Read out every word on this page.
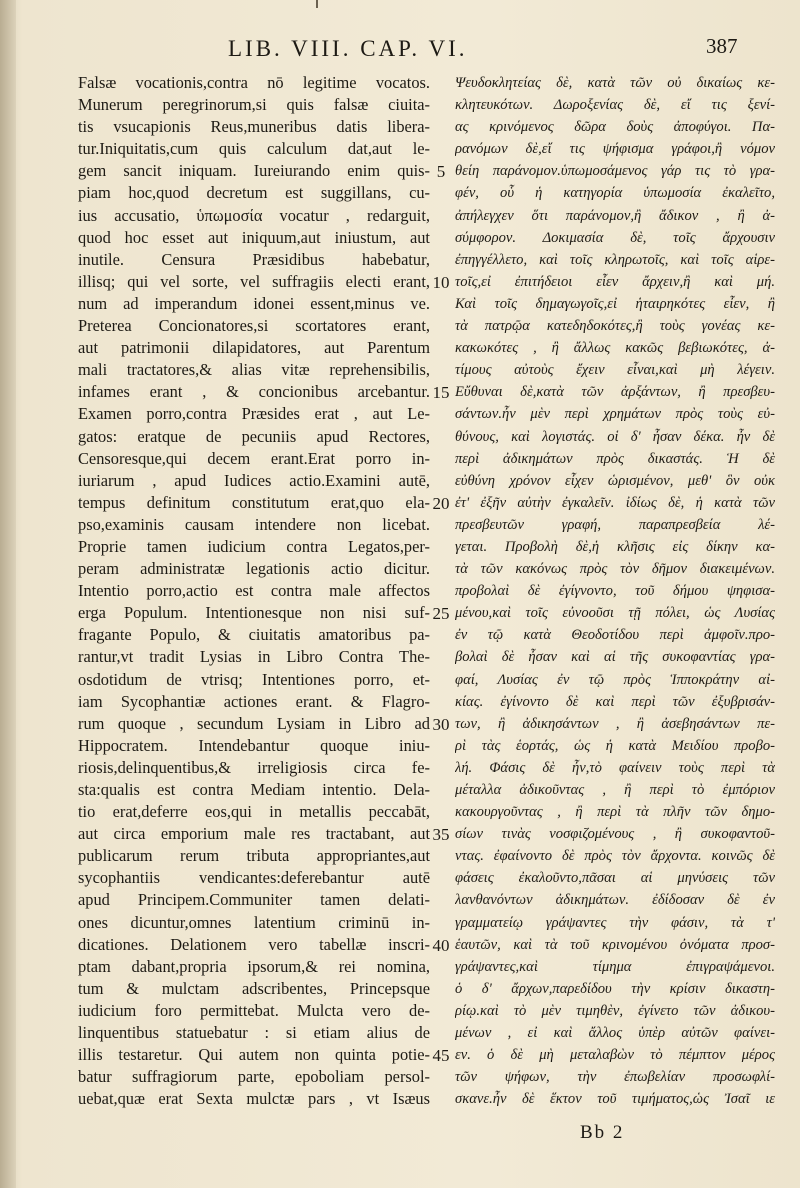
LIB. VIII. CAP. VI.	387
Falsæ vocationis,contra nō legitime vocatos.
Munerum peregrinorum,si quis falsæ ciuita-
tis vsucapionis Reus,muneribus datis libera-
tur.Iniquitatis,cum quis calculum dat,aut le-
gem sancit iniquam. Iureiurando enim quis-
piam hoc,quod decretum est suggillans, cu-
ius accusatio, ὑπωμοσία vocatur , redarguit,
quod hoc esset aut iniquum,aut iniustum, aut
inutile. Censura Præsidibus habebatur,
illisq; qui vel sorte, vel suffragiis electi erant,
num ad imperandum idonei essent,minus ve.
Preterea Concionatores,si scortatores erant,
aut patrimonii dilapidatores, aut Parentum
mali tractatores,& alias vitæ reprehensibilis,
infames erant , & concionibus arcebantur.
Examen porro,contra Præsides erat , aut Le-
gatos: eratque de pecuniis apud Rectores,
Censoresque,qui decem erant.Erat porro in-
iuriarum , apud Iudices actio.Examini autē,
tempus definitum constitutum erat,quo ela-
pso,examinis causam intendere non licebat.
Proprie tamen iudicium contra Legatos,per-
peram administratæ legationis actio dicitur.
Intentio porro,actio est contra male affectos
erga Populum. Intentionesque non nisi suf-
fragante Populo, & ciuitatis amatoribus pa-
rantur,vt tradit Lysias in Libro Contra The-
osdotidum de vtrisq; Intentiones porro, et-
iam Sycophantiæ actiones erant. & Flagro-
rum quoque , secundum Lysiam in Libro ad
Hippocratem. Intendebantur quoque iniu-
riosis,delinquentibus,& irreligiosis circa fe-
sta:qualis est contra Mediam intentio. Dela-
tio erat,deferre eos,qui in metallis peccabāt,
aut circa emporium male res tractabant, aut
publicarum rerum tributa appropriantes,aut
sycophantiis vendicantes:deferebantur autē
apud Principem.Communiter tamen delati-
ones dicuntur,omnes latentium criminū in-
dicationes. Delationem vero tabellæ inscri-
ptam dabant,propria ipsorum,& rei nomina,
tum & mulctam adscribentes, Princepsque
iudicium foro permittebat. Mulcta vero de-
linquentibus statuebatur : si etiam alius de
illis testaretur. Qui autem non quinta potie-
batur suffragiorum parte, epoboliam persol-
uebat,quæ erat Sexta mulctæ pars , vt Isæus
Ψευδοκλητείας δὲ, κατὰ τῶν οὐ δικαίως κε-
κλητευκότων. Δωροξενίας δὲ, εἴ τις ξενί-
ας κρινόμενος δῶρα δοὺς ἀποφύγοι. Πα-
ρανόμων δὲ,εἴ τις ψήφισμα γράφοι,ἢ νόμον
θείη παράνομον.ὑπωμοσάμενος γάρ τις τὸ γρα-
φέν, οὗ ἡ κατηγορία ὑπωμοσία ἐκαλεῖτο,
ἀπήλεγχεν ὅτι παράνομον,ἢ ἄδικον , ἢ ἀ-
σύμφορον. Δοκιμασία δὲ, τοῖς ἄρχουσιν
ἐπηγγέλλετο, καὶ τοῖς κληρωτοῖς, καὶ τοῖς αἱρε-
τοῖς,εἰ ἐπιτήδειοι εἶεν ἄρχειν,ἢ καὶ μή.
Καὶ τοῖς δημαγωγοῖς,εἰ ἡταιρηκότες εἶεν, ἢ
τὰ πατρῷα κατεδηδοκότες,ἢ τοὺς γονέας κε-
κακωκότες , ἢ ἄλλως κακῶς βεβιωκότες, ἀ-
τίμους αὐτοὺς ἔχειν εἶναι,καὶ μὴ λέγειν.
Εὔθυναι δὲ,κατὰ τῶν ἀρξάντων, ἢ πρεσβευ-
σάντων.ἦν μὲν περὶ χρημάτων πρὸς τοὺς εὐ-
θύνους, καὶ λογιστάς. οἱ δ' ἦσαν δέκα. ἦν δὲ
περὶ ἀδικημάτων πρὸς δικαστάς. Ἡ δὲ
εὐθύνη χρόνον εἶχεν ὡρισμένον, μεθ' ὃν οὐκ
ἐτ' ἐξῆν αὐτὴν ἐγκαλεῖν. ἰδίως δὲ, ἡ κατὰ τῶν
πρεσβευτῶν γραφή, παραπρεσβεία λέ-
γεται. Προβολὴ δὲ,ἡ κλῆσις εἰς δίκην κα-
τὰ τῶν κακόνως πρὸς τὸν δῆμον διακειμένων.
προβολαὶ δὲ ἐγίγνοντο, τοῦ δήμου ψηφισα-
μένου,καὶ τοῖς εὐνοοῦσι τῇ πόλει, ὡς Λυσίας
ἐν τῷ κατὰ Θεοδοτίδου περὶ ἀμφοῖν.προ-
βολαὶ δὲ ἦσαν καὶ αἱ τῆς συκοφαντίας γρα-
φαί, Λυσίας ἐν τῷ πρὸς Ἱπποκράτην αἰ-
κίας. ἐγίνοντο δὲ καὶ περὶ τῶν ἐξυβρισάν-
των, ἢ ἀδικησάντων , ἢ ἀσεβησάντων πε-
ρὶ τὰς ἑορτάς, ὡς ἡ κατὰ Μειδίου προβο-
λή. Φάσις δὲ ἦν,τὸ φαίνειν τοὺς περὶ τὰ
μέταλλα ἀδικοῦντας , ἢ περὶ τὸ ἐμπόριον
κακουργοῦντας , ἢ περὶ τὰ πλῆν τῶν δημο-
σίων τινὰς νοσφιζομένους , ἢ συκοφαντοῦ-
ντας. ἐφαίνοντο δὲ πρὸς τὸν ἄρχοντα. κοινῶς δὲ
φάσεις ἐκαλοῦντο,πᾶσαι αἱ μηνύσεις τῶν
λανθανόντων ἀδικημάτων. ἐδίδοσαν δὲ ἐν
γραμματείῳ γράψαντες τὴν φάσιν, τὰ τ'
ἑαυτῶν, καὶ τὰ τοῦ κρινομένου ὀνόματα προσ-
γράψαντες,καὶ τίμημα ἐπιγραψάμενοι.
ὁ δ' ἄρχων,παρεδίδου τὴν κρίσιν δικαστη-
ρίῳ.καὶ τὸ μὲν τιμηθὲν, ἐγίνετο τῶν ἀδικου-
μένων , εἰ καὶ ἄλλος ὑπὲρ αὐτῶν φαίνει-
εν. ὁ δὲ μὴ μεταλαβὼν τὸ πέμπτον μέρος
τῶν ψήφων, τὴν ἐπωβελίαν προσωφλί-
σκανε.ἦν δὲ ἕκτον τοῦ τιμήματος,ὡς Ἰσαῖ ιε
5
10
15
20
25
30
35
40
45
Bb 2
